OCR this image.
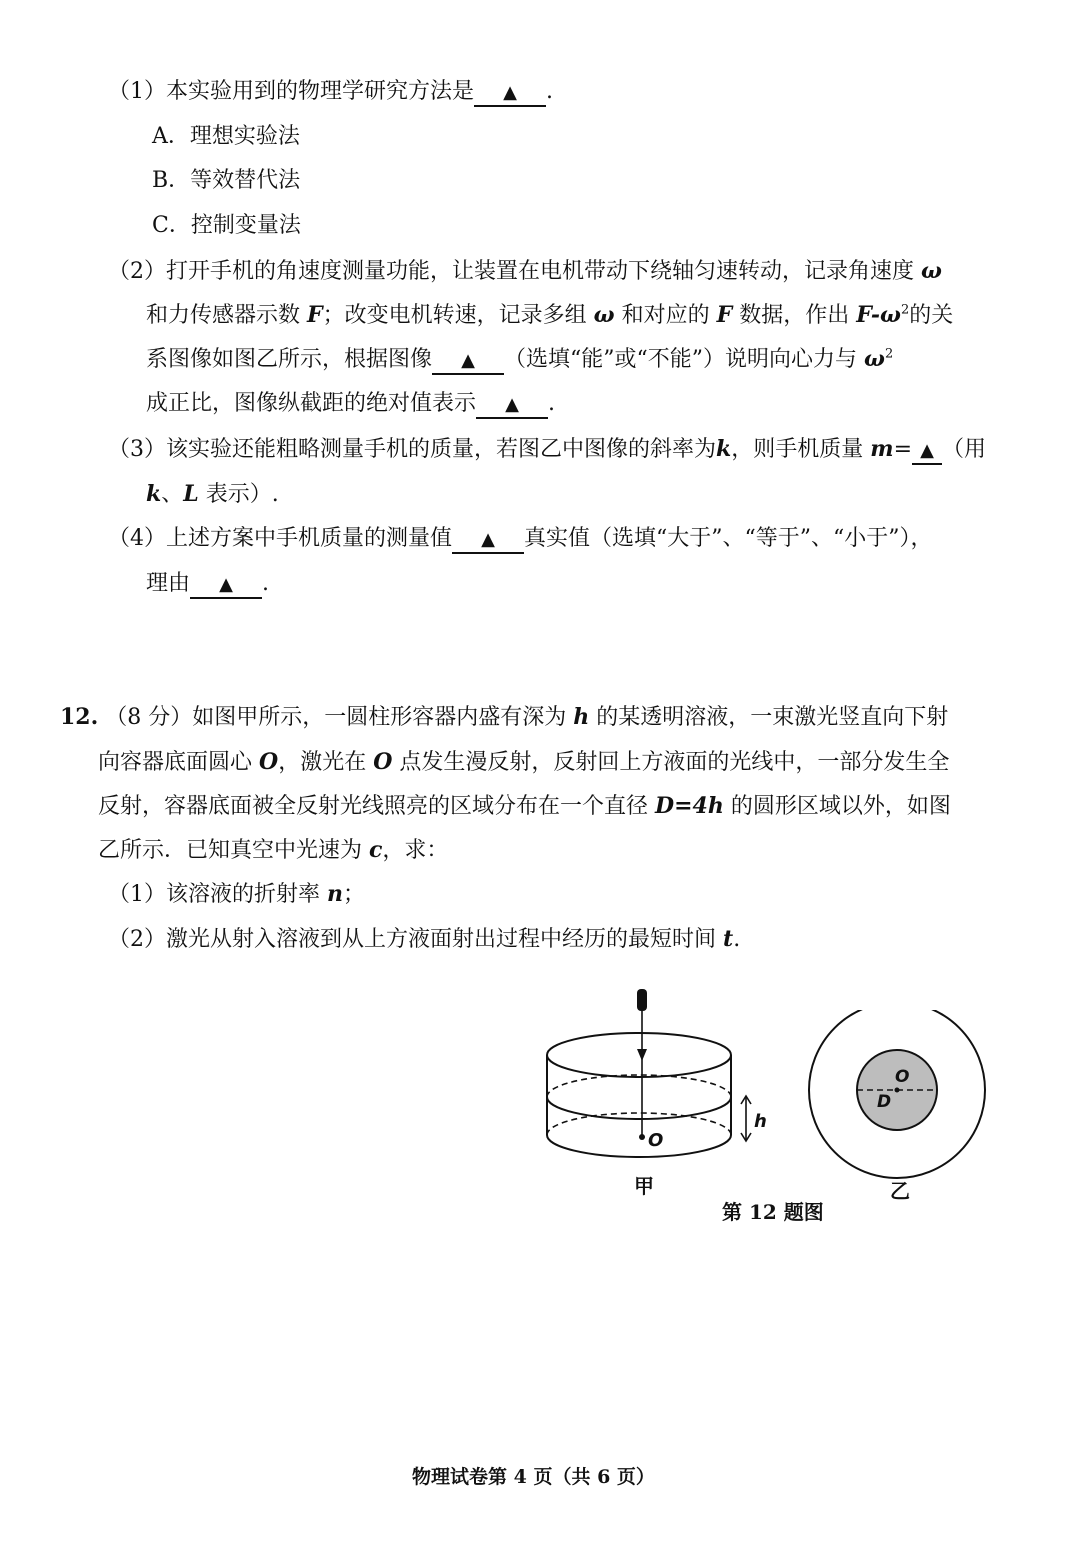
（1）本实验用到的物理学研究方法是 ▲ .
A．理想实验法
B．等效替代法
C．控制变量法
（2）打开手机的角速度测量功能，让装置在电机带动下绕轴匀速转动，记录角速度 ω
和力传感器示数 F；改变电机转速，记录多组 ω 和对应的 F 数据，作出 $F-\omega^2$的关
系图像如图乙所示，根据图像 ▲ （选填“能”或“不能”）说明向心力与 $\omega^2$
成正比，图像纵截距的绝对值表示 ▲ .
（3）该实验还能粗略测量手机的质量，若图乙中图像的斜率为k，则手机质量 m= ▲ （用
k、L 表示）.
（4）上述方案中手机质量的测量值 ▲ 真实值（选填“大于”、“等于”、“小于”），
理由 ▲ .
12. （8 分）如图甲所示，一圆柱形容器内盛有深为 h 的某透明溶液，一束激光竖直向下射
向容器底面圆心 O，激光在 O 点发生漫反射，反射回上方液面的光线中，一部分发生全
反射，容器底面被全反射光线照亮的区域分布在一个直径 D=4h 的圆形区域以外，如图
乙所示．已知真空中光速为 c，求：
（1）该溶液的折射率 n；
（2）激光从射入溶液到从上方液面射出过程中经历的最短时间 t.
O
h
甲
O
D
乙
第 12 题图
物理试卷第 4 页（共 6 页）
